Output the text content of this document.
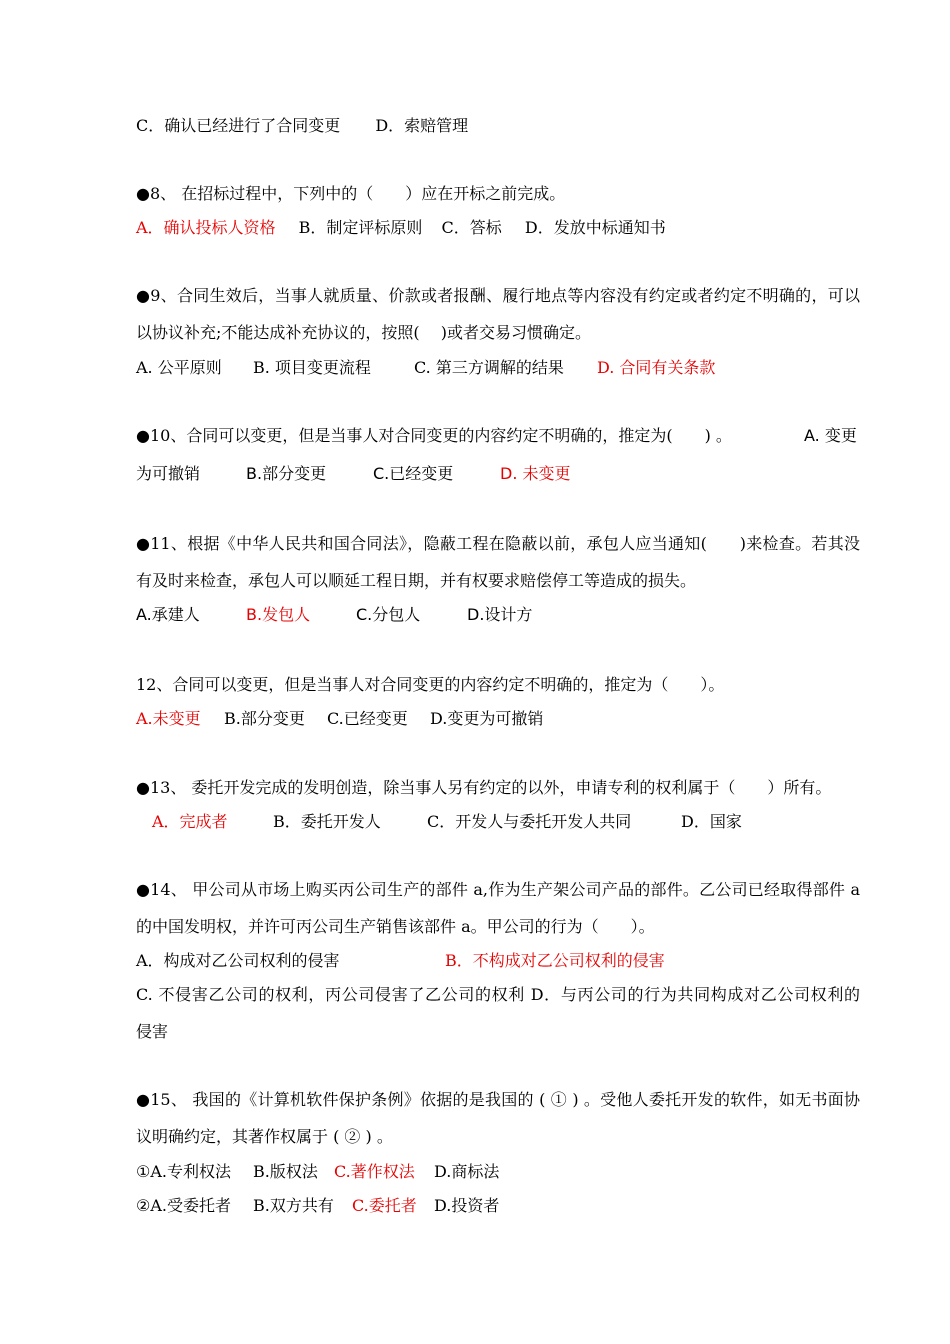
C．确认已经进行了合同变更 D．索赔管理
●8、 在招标过程中，下列中的（　　）应在开标之前完成。
A．确认投标人资格 B．制定评标原则 C．答标 D．发放中标通知书
●9、合同生效后，当事人就质量、价款或者报酬、履行地点等内容没有约定或者约定不明确的，可以
以协议补充;不能达成补充协议的，按照(　 )或者交易习惯确定。
A. 公平原则 B. 项目变更流程	C. 第三方调解的结果 D. 合同有关条款
●10、合同可以变更，但是当事人对合同变更的内容约定不明确的，推定为(　　) 。	A. 变更
为可撤销	B.部分变更	C.已经变更	D. 未变更
●11、根据《中华人民共和国合同法》，隐蔽工程在隐蔽以前，承包人应当通知(　　)来检查。若其没
有及时来检查，承包人可以顺延工程日期，并有权要求赔偿停工等造成的损失。
A.承建人	B.发包人	C.分包人	D.设计方
12、合同可以变更，但是当事人对合同变更的内容约定不明确的，推定为（　　）。
A.未变更 B.部分变更 C.已经变更 D.变更为可撤销
●13、 委托开发完成的发明创造，除当事人另有约定的以外，申请专利的权利属于（　　）所有。
A．完成者	B．委托开发人	C．开发人与委托开发人共同	D．国家
●14、 甲公司从市场上购买丙公司生产的部件 a,作为生产架公司产品的部件。乙公司已经取得部件 a
的中国发明权，并许可丙公司生产销售该部件 a。甲公司的行为（　　）。
A．构成对乙公司权利的侵害	B．不构成对乙公司权利的侵害
C. 不侵害乙公司的权利，丙公司侵害了乙公司的权利 D．与丙公司的行为共同构成对乙公司权利的
侵害
●15、 我国的《计算机软件保护条例》依据的是我国的 ( ① ) 。受他人委托开发的软件，如无书面协
议明确约定，其著作权属于 ( ② ) 。
①A.专利权法 B.版权法 C.著作权法 D.商标法
②A.受委托者 B.双方共有 C.委托者 D.投资者
